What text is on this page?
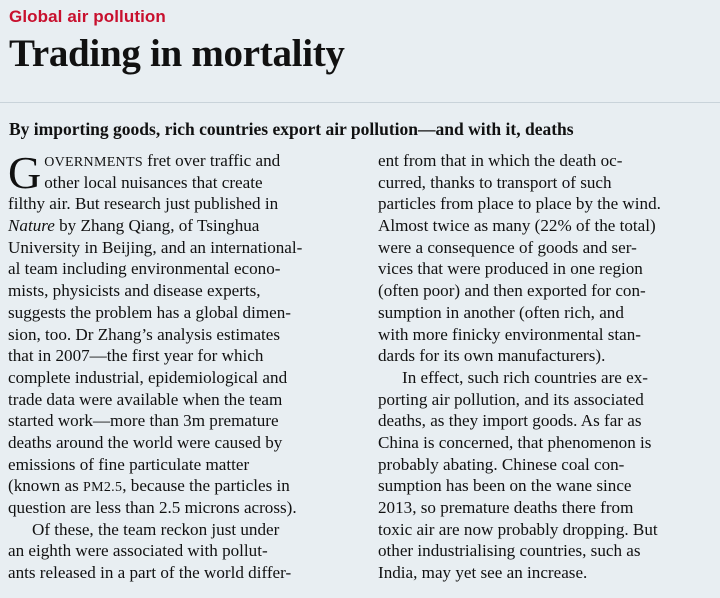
Global air pollution
Trading in mortality
By importing goods, rich countries export air pollution—and with it, deaths
G OVERNMENTS fret over traffic and
other local nuisances that create
filthy air. But research just published in
Nature by Zhang Qiang, of Tsinghua
University in Beijing, and an international-
al team including environmental econo-
mists, physicists and disease experts,
suggests the problem has a global dimen-
sion, too. Dr Zhang’s analysis estimates
that in 2007—the first year for which
complete industrial, epidemiological and
trade data were available when the team
started work—more than 3m premature
deaths around the world were caused by
emissions of fine particulate matter
(known as PM2.5, because the particles in
question are less than 2.5 microns across).
Of these, the team reckon just under
an eighth were associated with pollut-
ants released in a part of the world differ-
ent from that in which the death oc-
curred, thanks to transport of such
particles from place to place by the wind.
Almost twice as many (22% of the total)
were a consequence of goods and ser-
vices that were produced in one region
(often poor) and then exported for con-
sumption in another (often rich, and
with more finicky environmental stan-
dards for its own manufacturers).
In effect, such rich countries are ex-
porting air pollution, and its associated
deaths, as they import goods. As far as
China is concerned, that phenomenon is
probably abating. Chinese coal con-
sumption has been on the wane since
2013, so premature deaths there from
toxic air are now probably dropping. But
other industrialising countries, such as
India, may yet see an increase.
